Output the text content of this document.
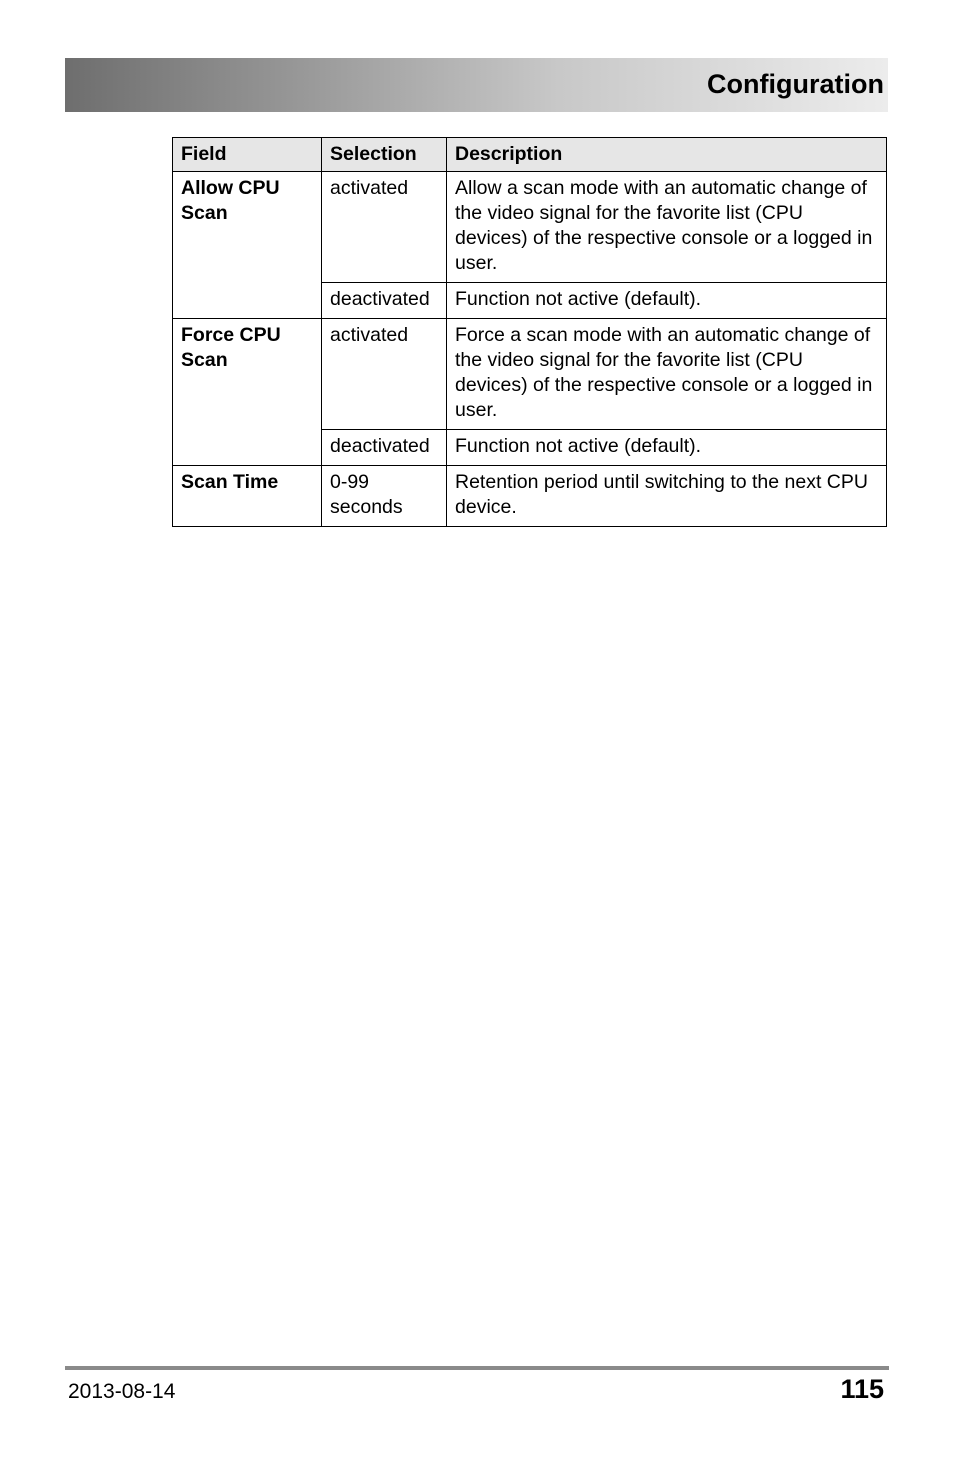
Configuration
Field	Selection	Description
Allow CPU Scan	activated	Allow a scan mode with an automatic change of the video signal for the favorite list (CPU devices) of the respective console or a logged in user.
	deactivated	Function not active (default).
Force CPU Scan	activated	Force a scan mode with an automatic change of the video signal for the favorite list (CPU devices) of the respective console or a logged in user.
	deactivated	Function not active (default).
Scan Time	0-99 seconds	Retention period until switching to the next CPU device.
2013-08-14	115
